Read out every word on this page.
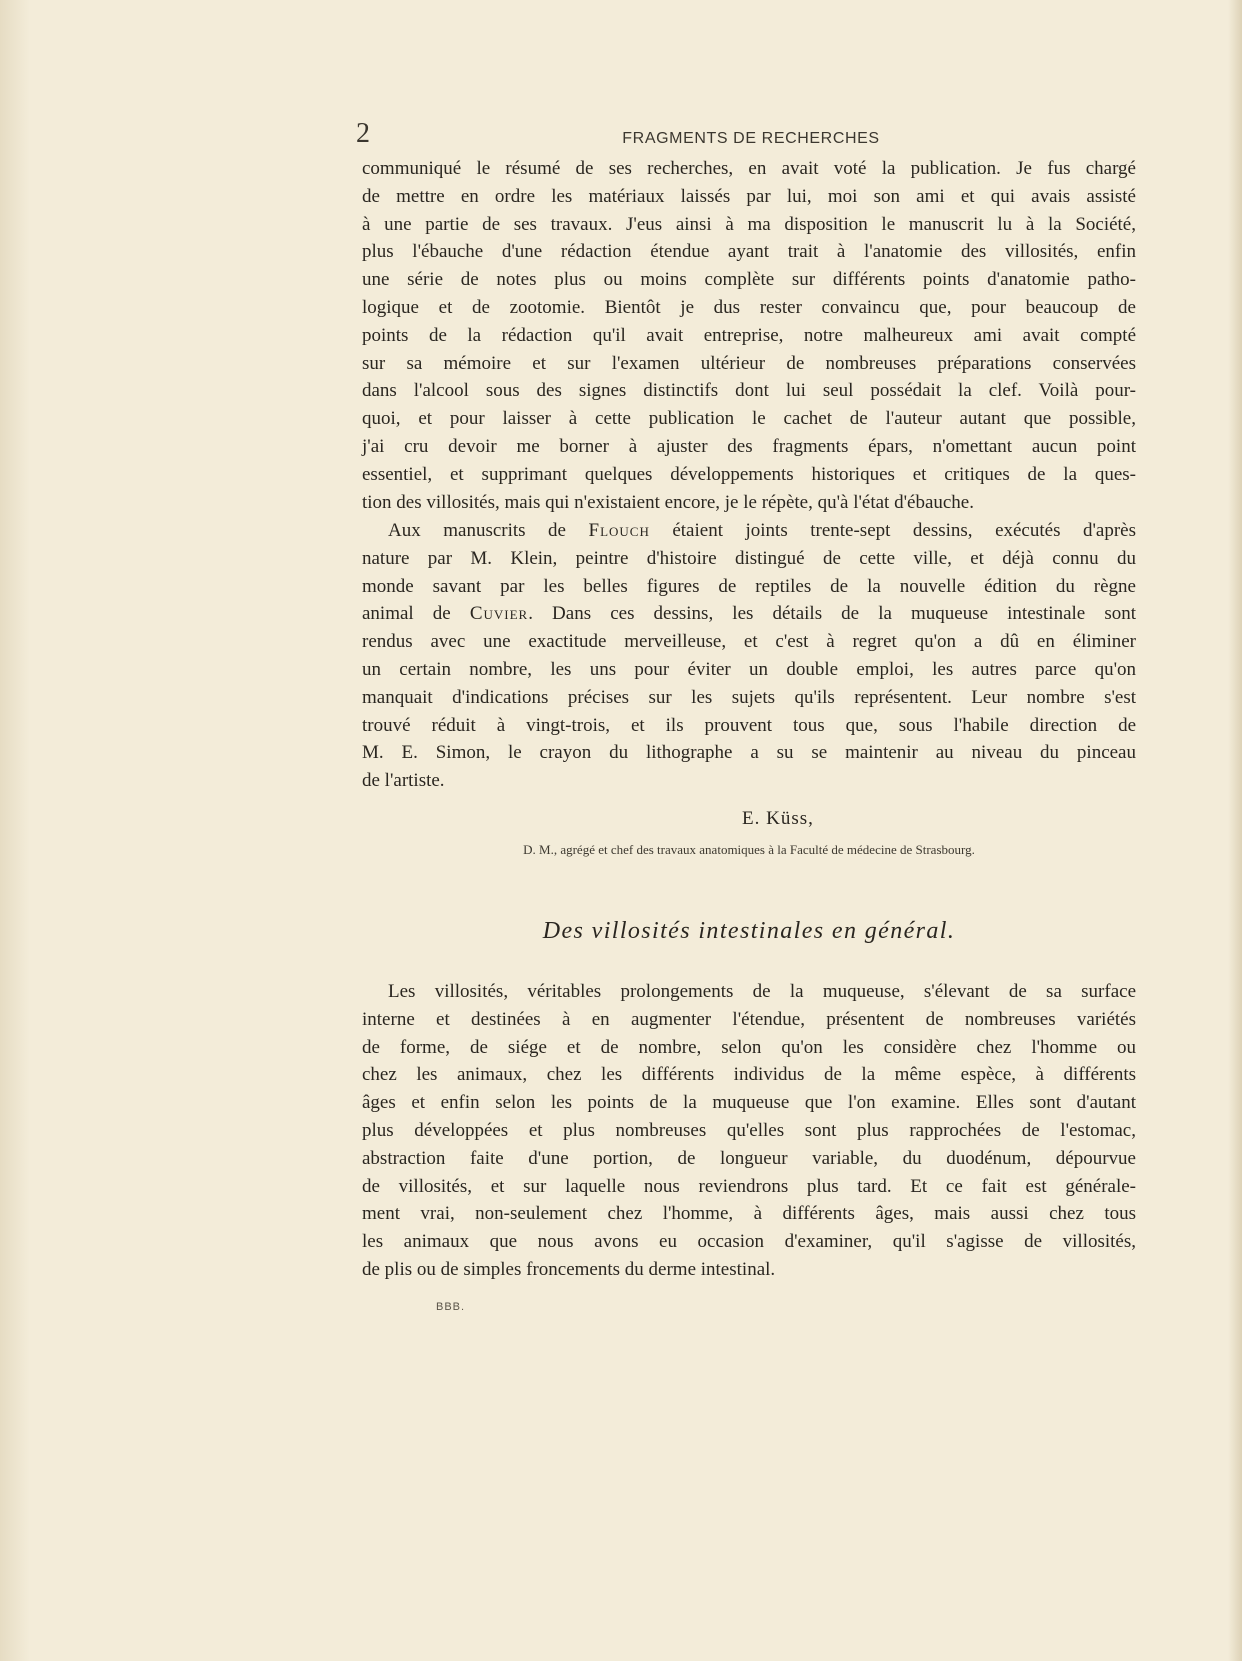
2	FRAGMENTS DE RECHERCHES
communiqué le résumé de ses recherches, en avait voté la publication. Je fus chargé
de mettre en ordre les matériaux laissés par lui, moi son ami et qui avais assisté
à une partie de ses travaux. J'eus ainsi à ma disposition le manuscrit lu à la Société,
plus l'ébauche d'une rédaction étendue ayant trait à l'anatomie des villosités, enfin
une série de notes plus ou moins complète sur différents points d'anatomie patho-
logique et de zootomie. Bientôt je dus rester convaincu que, pour beaucoup de
points de la rédaction qu'il avait entreprise, notre malheureux ami avait compté
sur sa mémoire et sur l'examen ultérieur de nombreuses préparations conservées
dans l'alcool sous des signes distinctifs dont lui seul possédait la clef. Voilà pour-
quoi, et pour laisser à cette publication le cachet de l'auteur autant que possible,
j'ai cru devoir me borner à ajuster des fragments épars, n'omettant aucun point
essentiel, et supprimant quelques développements historiques et critiques de la ques-
tion des villosités, mais qui n'existaient encore, je le répète, qu'à l'état d'ébauche.
Aux manuscrits de Flouch étaient joints trente-sept dessins, exécutés d'après
nature par M. Klein, peintre d'histoire distingué de cette ville, et déjà connu du
monde savant par les belles figures de reptiles de la nouvelle édition du règne
animal de Cuvier. Dans ces dessins, les détails de la muqueuse intestinale sont
rendus avec une exactitude merveilleuse, et c'est à regret qu'on a dû en éliminer
un certain nombre, les uns pour éviter un double emploi, les autres parce qu'on
manquait d'indications précises sur les sujets qu'ils représentent. Leur nombre s'est
trouvé réduit à vingt-trois, et ils prouvent tous que, sous l'habile direction de
M. E. Simon, le crayon du lithographe a su se maintenir au niveau du pinceau
de l'artiste.
E. Küss,
D. M., agrégé et chef des travaux anatomiques à la Faculté de médecine de Strasbourg.
Des villosités intestinales en général.
Les villosités, véritables prolongements de la muqueuse, s'élevant de sa surface
interne et destinées à en augmenter l'étendue, présentent de nombreuses variétés
de forme, de siége et de nombre, selon qu'on les considère chez l'homme ou
chez les animaux, chez les différents individus de la même espèce, à différents
âges et enfin selon les points de la muqueuse que l'on examine. Elles sont d'autant
plus développées et plus nombreuses qu'elles sont plus rapprochées de l'estomac,
abstraction faite d'une portion, de longueur variable, du duodénum, dépourvue
de villosités, et sur laquelle nous reviendrons plus tard. Et ce fait est générale-
ment vrai, non-seulement chez l'homme, à différents âges, mais aussi chez tous
les animaux que nous avons eu occasion d'examiner, qu'il s'agisse de villosités,
de plis ou de simples froncements du derme intestinal.
BBB.
